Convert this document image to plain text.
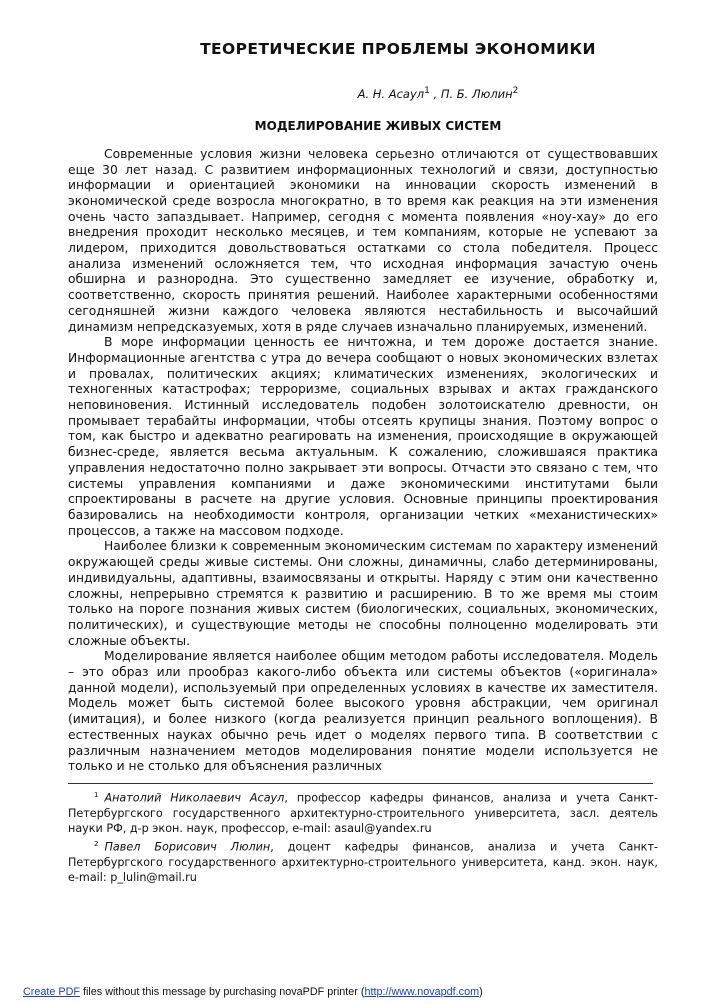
ТЕОРЕТИЧЕСКИЕ ПРОБЛЕМЫ ЭКОНОМИКИ
А. Н. Асаул$^1$ , П. Б. Люлин$^2$
МОДЕЛИРОВАНИЕ ЖИВЫХ СИСТЕМ

Современные условия жизни человека серьезно отличаются от существовавших еще 30 лет назад. С развитием информационных технологий и связи, доступностью информации и ориентацией экономики на инновации скорость изменений в экономической среде возросла многократно, в то время как реакция на эти изменения очень часто запаздывает. Например, сегодня с момента появления «ноу-хау» до его внедрения проходит несколько месяцев, и тем компаниям, которые не успевают за лидером, приходится довольствоваться остатками со стола победителя. Процесс анализа изменений осложняется тем, что исходная информация зачастую очень обширна и разнородна. Это существенно замедляет ее изучение, обработку и, соответственно, скорость принятия решений. Наиболее характерными особенностями сегодняшней жизни каждого человека являются нестабильность и высочайший динамизм непредсказуемых, хотя в ряде случаев изначально планируемых, изменений.

В море информации ценность ее ничтожна, и тем дороже достается знание. Информационные агентства с утра до вечера сообщают о новых экономических взлетах и провалах, политических акциях; климатических изменениях, экологических и техногенных катастрофах; терроризме, социальных взрывах и актах гражданского неповиновения. Истинный исследователь подобен золотоискателю древности, он промывает терабайты информации, чтобы отсеять крупицы знания. Поэтому вопрос о том, как быстро и адекватно реагировать на изменения, происходящие в окружающей бизнес-среде, является весьма актуальным. К сожалению, сложившаяся практика управления недостаточно полно закрывает эти вопросы. Отчасти это связано с тем, что системы управления компаниями и даже экономическими институтами были спроектированы в расчете на другие условия. Основные принципы проектирования базировались на необходимости контроля, организации четких «механистических» процессов, а также на массовом подходе.

Наиболее близки к современным экономическим системам по характеру изменений окружающей среды живые системы. Они сложны, динамичны, слабо детерминированы, индивидуальны, адаптивны, взаимосвязаны и открыты. Наряду с этим они качественно сложны, непрерывно стремятся к развитию и расширению. В то же время мы стоим только на пороге познания живых систем (биологических, социальных, экономических, политических), и существующие методы не способны полноценно моделировать эти сложные объекты.

Моделирование является наиболее общим методом работы исследователя. Модель – это образ или прообраз какого-либо объекта или системы объектов («оригинала» данной модели), используемый при определенных условиях в качестве их заместителя. Модель может быть системой более высокого уровня абстракции, чем оригинал (имитация), и более низкого (когда реализуется принцип реального воплощения). В естественных науках обычно речь идет о моделях первого типа. В соответствии с различным назначением методов моделирования понятие модели используется не только и не столько для объяснения различных

$^1$ Анатолий Николаевич Асаул, профессор кафедры финансов, анализа и учета Санкт-Петербургского государственного архитектурно-строительного университета, засл. деятель науки РФ, д-р экон. наук, профессор, e-mail: asaul@yandex.ru

$^2$ Павел Борисович Люлин, доцент кафедры финансов, анализа и учета Санкт-Петербургского государственного архитектурно-строительного университета, канд. экон. наук, e-mail: p_lulin@mail.ru

Create PDF files without this message by purchasing novaPDF printer (http://www.novapdf.com)
